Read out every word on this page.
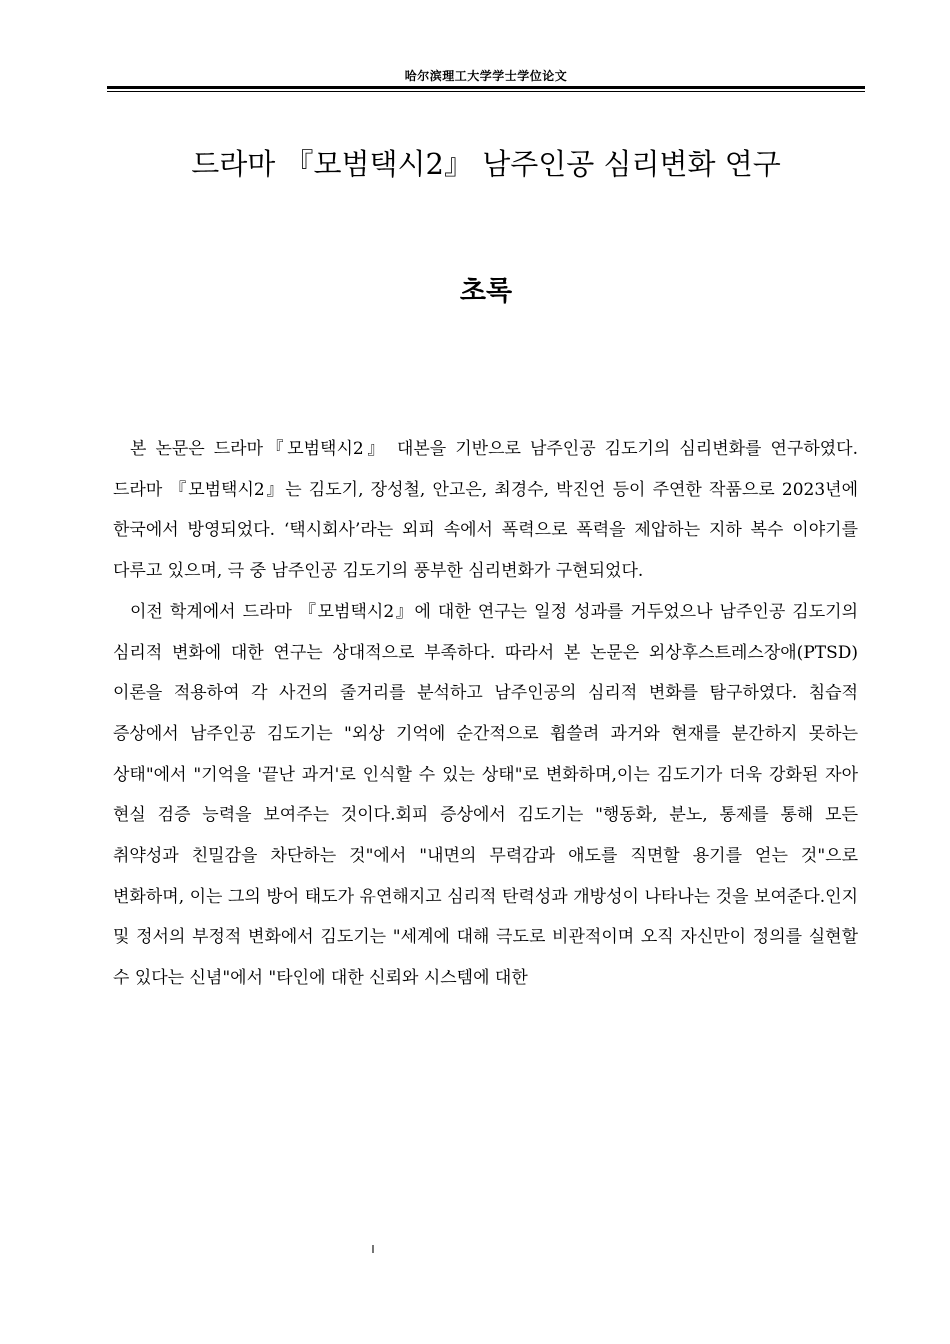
哈尔滨理工大学学士学位论文
드라마 『모범택시2』 남주인공 심리변화 연구
초록

본 논문은 드라마『모범택시2』 대본을 기반으로 남주인공 김도기의 심리변화를 연구하였다. 드라마 『모범택시2』는 김도기, 장성철, 안고은, 최경수, 박진언 등이 주연한 작품으로 2023년에 한국에서 방영되었다. ‘택시회사’라는 외피 속에서 폭력으로 폭력을 제압하는 지하 복수 이야기를 다루고 있으며, 극 중 남주인공 김도기의 풍부한 심리변화가 구현되었다.

이전 학계에서 드라마 『모범택시2』에 대한 연구는 일정 성과를 거두었으나 남주인공 김도기의 심리적 변화에 대한 연구는 상대적으로 부족하다. 따라서 본 논문은 외상후스트레스장애(PTSD) 이론을 적용하여 각 사건의 줄거리를 분석하고 남주인공의 심리적 변화를 탐구하였다. 침습적 증상에서 남주인공 김도기는 "외상 기억에 순간적으로 휩쓸려 과거와 현재를 분간하지 못하는 상태"에서 "기억을 '끝난 과거'로 인식할 수 있는 상태"로 변화하며,이는 김도기가 더욱 강화된 자아 현실 검증 능력을 보여주는 것이다.회피 증상에서 김도기는 "행동화, 분노, 통제를 통해 모든 취약성과 친밀감을 차단하는 것"에서 "내면의 무력감과 애도를 직면할 용기를 얻는 것"으로 변화하며, 이는 그의 방어 태도가 유연해지고 심리적 탄력성과 개방성이 나타나는 것을 보여준다.인지 및 정서의 부정적 변화에서 김도기는 "세계에 대해 극도로 비관적이며 오직 자신만이 정의를 실현할 수 있다는 신념"에서 "타인에 대한 신뢰와 시스템에 대한

I
